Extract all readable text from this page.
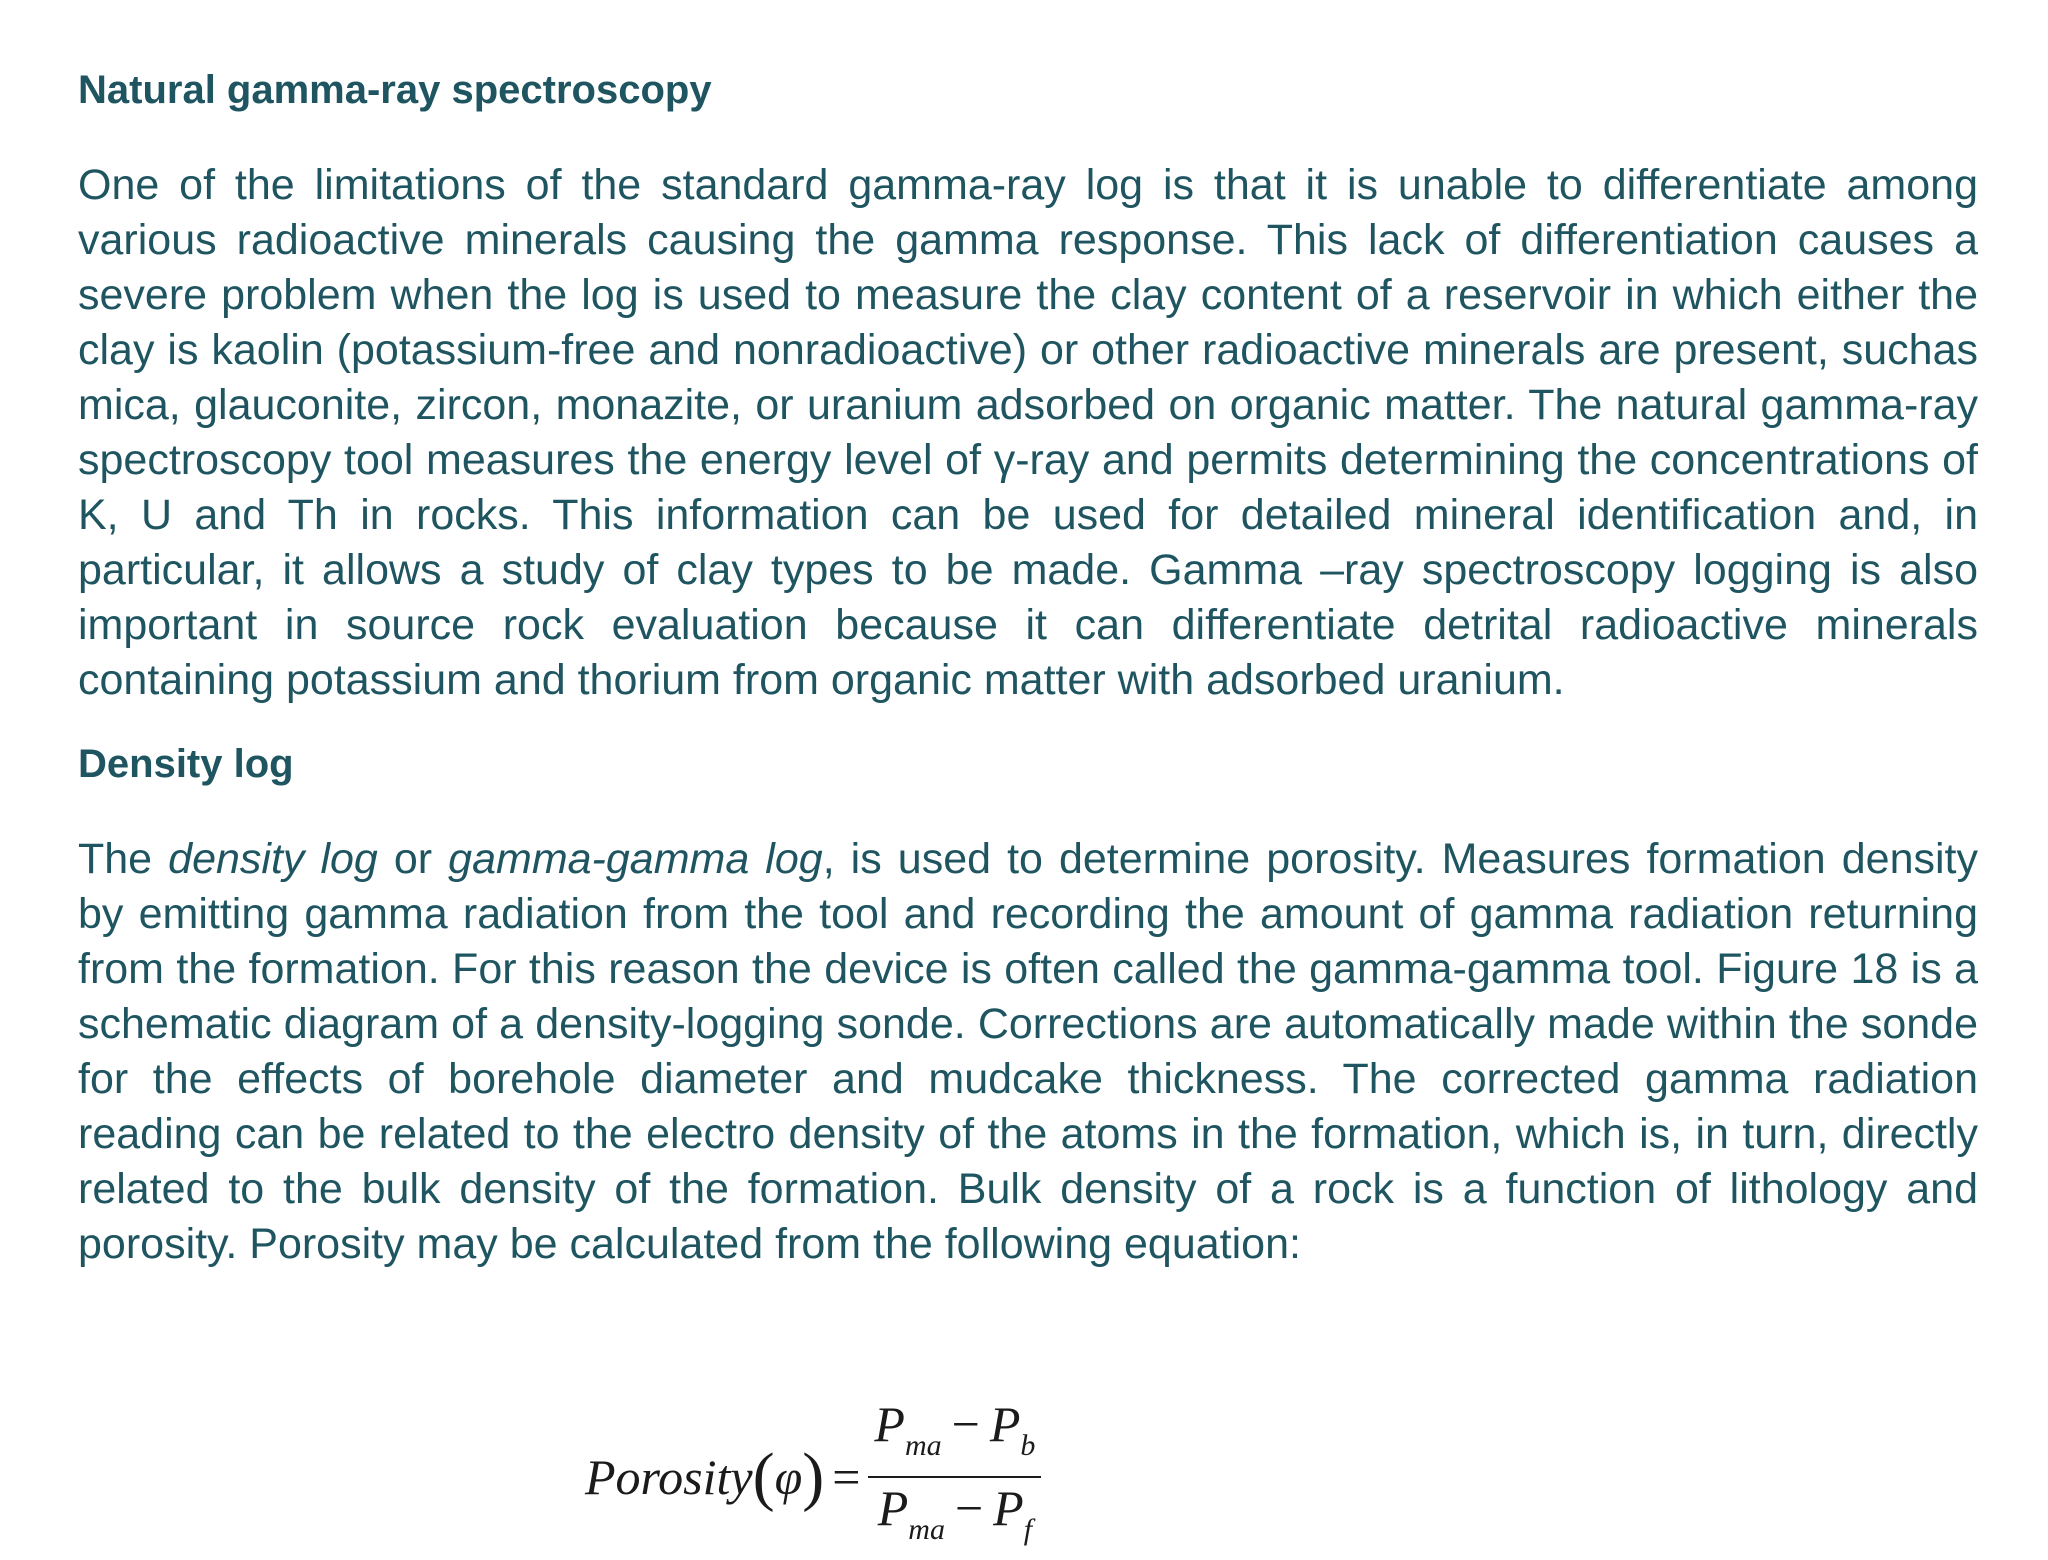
Natural gamma-ray spectroscopy

One of the limitations of the standard gamma-ray log is that it is unable to differentiate among various radioactive minerals causing the gamma response. This lack of differentiation causes a severe problem when the log is used to measure the clay content of a reservoir in which either the clay is kaolin (potassium-free and nonradioactive) or other radioactive minerals are present, suchas mica, glauconite, zircon, monazite, or uranium adsorbed on organic matter. The natural gamma-ray spectroscopy tool measures the energy level of γ-ray and permits determining the concentrations of K, U and Th in rocks. This information can be used for detailed mineral identification and, in particular, it allows a study of clay types to be made. Gamma –ray spectroscopy logging is also important in source rock evaluation because it can differentiate detrital radioactive minerals containing potassium and thorium from organic matter with adsorbed uranium.

Density log

The density log or gamma-gamma log, is used to determine porosity. Measures formation density by emitting gamma radiation from the tool and recording the amount of gamma radiation returning from the formation. For this reason the device is often called the gamma-gamma tool. Figure 18 is a schematic diagram of a density-logging sonde. Corrections are automatically made within the sonde for the effects of borehole diameter and mudcake thickness. The corrected gamma radiation reading can be related to the electro density of the atoms in the formation, which is, in turn, directly related to the bulk density of the formation. Bulk density of a rock is a function of lithology and porosity. Porosity may be calculated from the following equation:

Porosity ( φ ) = $\frac{P_{ma} - P_b}{P_{ma} - P_f}$
